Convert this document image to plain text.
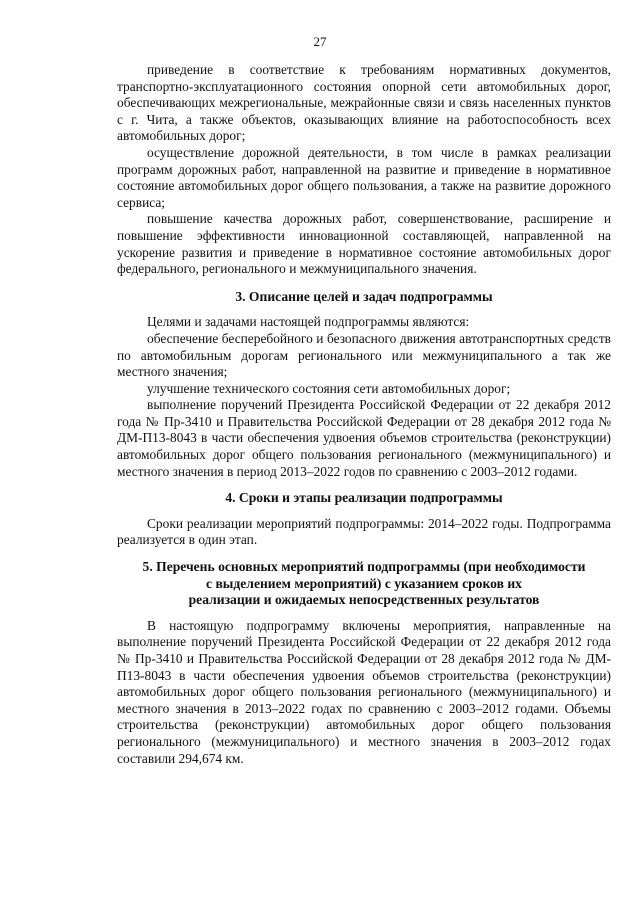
27

приведение в соответствие к требованиям нормативных документов, транспортно-эксплуатационного состояния опорной сети автомобильных дорог, обеспечивающих межрегиональные, межрайонные связи и связь населенных пунктов с г. Чита, а также объектов, оказывающих влияние на работоспособность всех автомобильных дорог;

осуществление дорожной деятельности, в том числе в рамках реализации программ дорожных работ, направленной на развитие и приведение в нормативное состояние автомобильных дорог общего пользования, а также на развитие дорожного сервиса;

повышение качества дорожных работ, совершенствование, расширение и повышение эффективности инновационной составляющей, направленной на ускорение развития и приведение в нормативное состояние автомобильных дорог федерального, регионального и межмуниципального значения.

3. Описание целей и задач подпрограммы

Целями и задачами настоящей подпрограммы являются:

обеспечение бесперебойного и безопасного движения автотранспортных средств по автомобильным дорогам регионального или межмуниципального а так же местного значения;

улучшение технического состояния сети автомобильных дорог;

выполнение поручений Президента Российской Федерации от 22 декабря 2012 года № Пр-3410 и Правительства Российской Федерации от 28 декабря 2012 года № ДМ-П13-8043 в части обеспечения удвоения объемов строительства (реконструкции) автомобильных дорог общего пользования регионального (межмуниципального) и местного значения в период 2013–2022 годов по сравнению с 2003–2012 годами.

4. Сроки и этапы реализации подпрограммы

Сроки реализации мероприятий подпрограммы: 2014–2022 годы. Подпрограмма реализуется в один этап.

5. Перечень основных мероприятий подпрограммы (при необходимости
с выделением мероприятий) с указанием сроков их
реализации и ожидаемых непосредственных результатов

В настоящую подпрограмму включены мероприятия, направленные на выполнение поручений Президента Российской Федерации от 22 декабря 2012 года № Пр-3410 и Правительства Российской Федерации от 28 декабря 2012 года № ДМ-П13-8043 в части обеспечения удвоения объемов строительства (реконструкции) автомобильных дорог общего пользования регионального (межмуниципального) и местного значения в 2013–2022 годах по сравнению с 2003–2012 годами. Объемы строительства (реконструкции) автомобильных дорог общего пользования регионального (межмуниципального) и местного значения в 2003–2012 годах составили 294,674 км.
